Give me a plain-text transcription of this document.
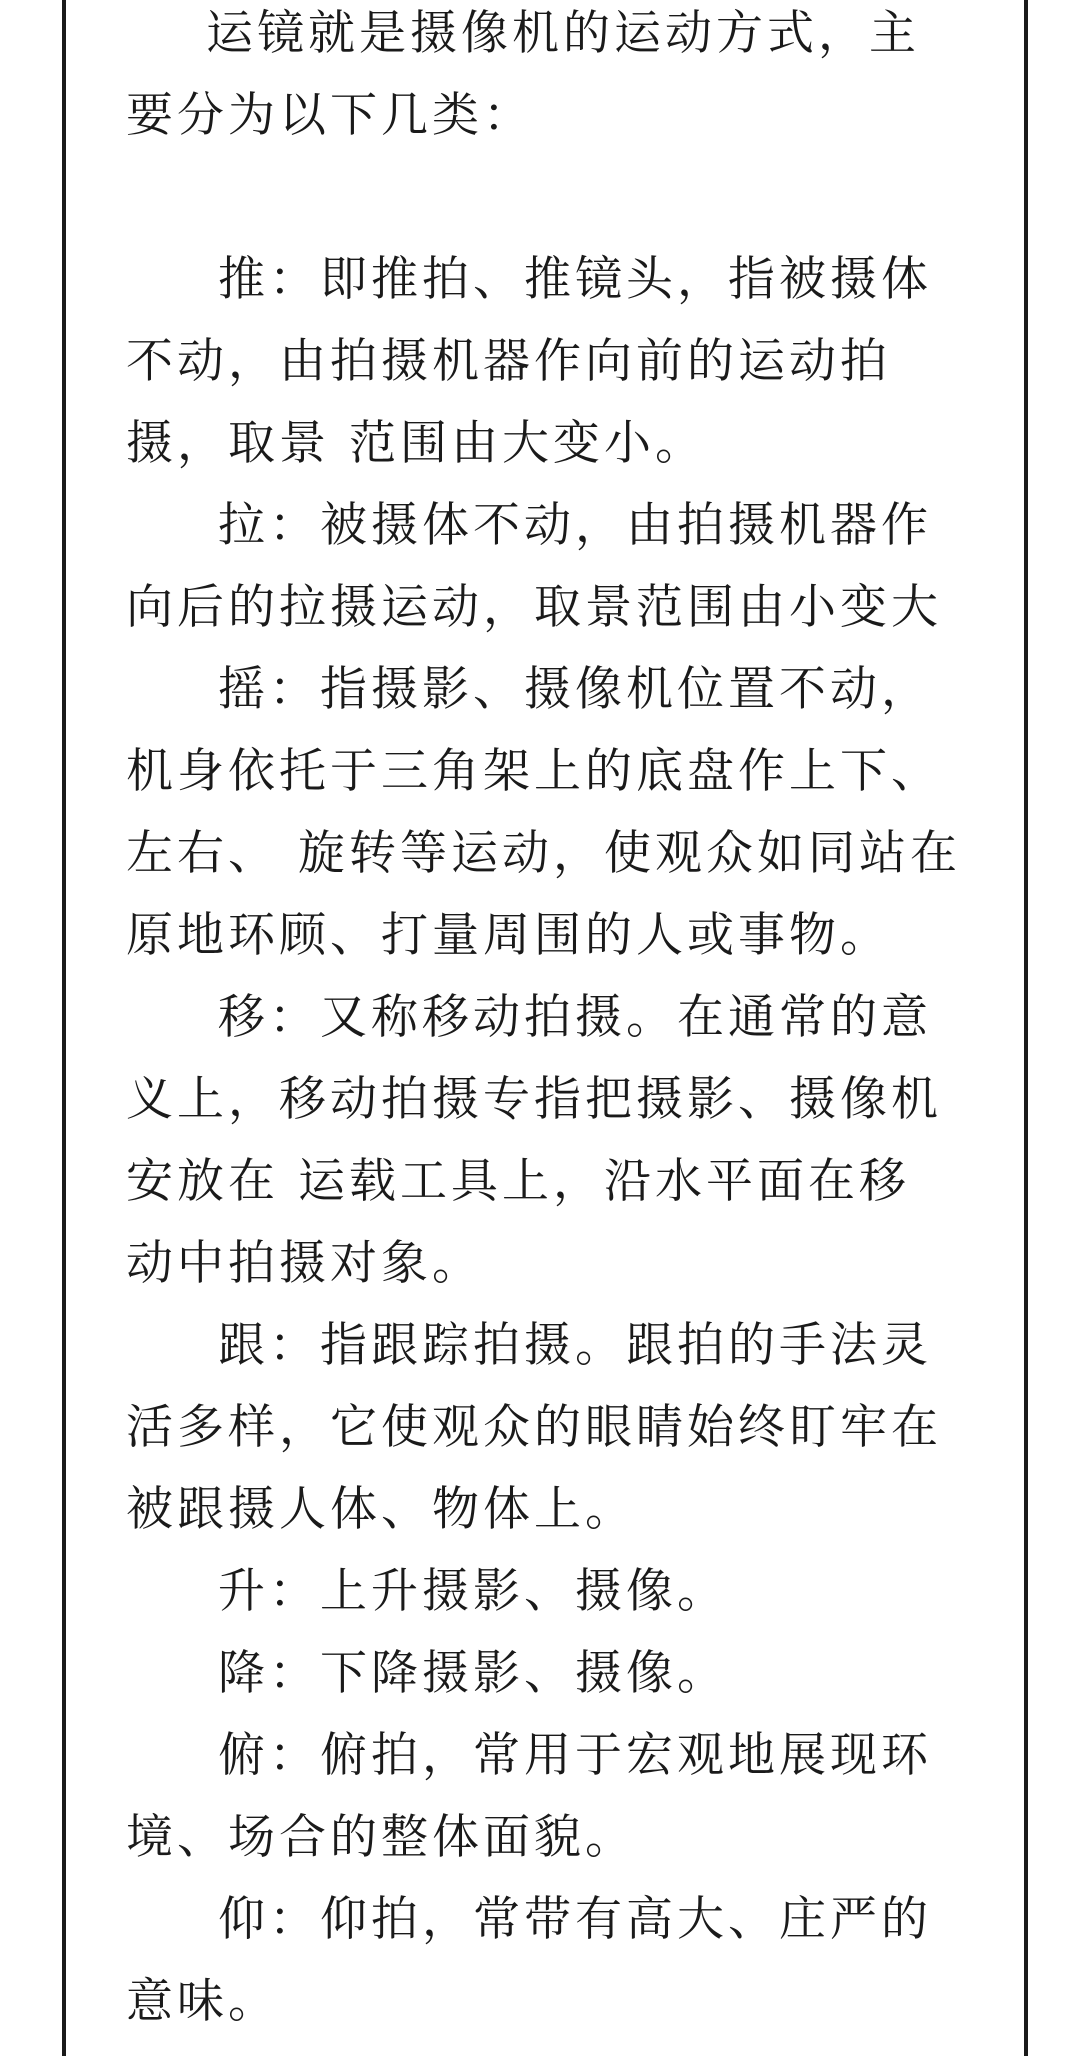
运镜就是摄像机的运动方式，主
要分为以下几类：
推：即推拍、推镜头，指被摄体
不动，由拍摄机器作向前的运动拍
摄，取景 范围由大变小。
拉：被摄体不动，由拍摄机器作
向后的拉摄运动，取景范围由小变大
摇：指摄影、摄像机位置不动，
机身依托于三角架上的底盘作上下、
左右、 旋转等运动，使观众如同站在
原地环顾、打量周围的人或事物。
移：又称移动拍摄。在通常的意
义上，移动拍摄专指把摄影、摄像机
安放在 运载工具上，沿水平面在移
动中拍摄对象。
跟：指跟踪拍摄。跟拍的手法灵
活多样，它使观众的眼睛始终盯牢在
被跟摄人体、物体上。
升：上升摄影、摄像。
降：下降摄影、摄像。
俯：俯拍，常用于宏观地展现环
境、场合的整体面貌。
仰：仰拍，常带有高大、庄严的
意味。
